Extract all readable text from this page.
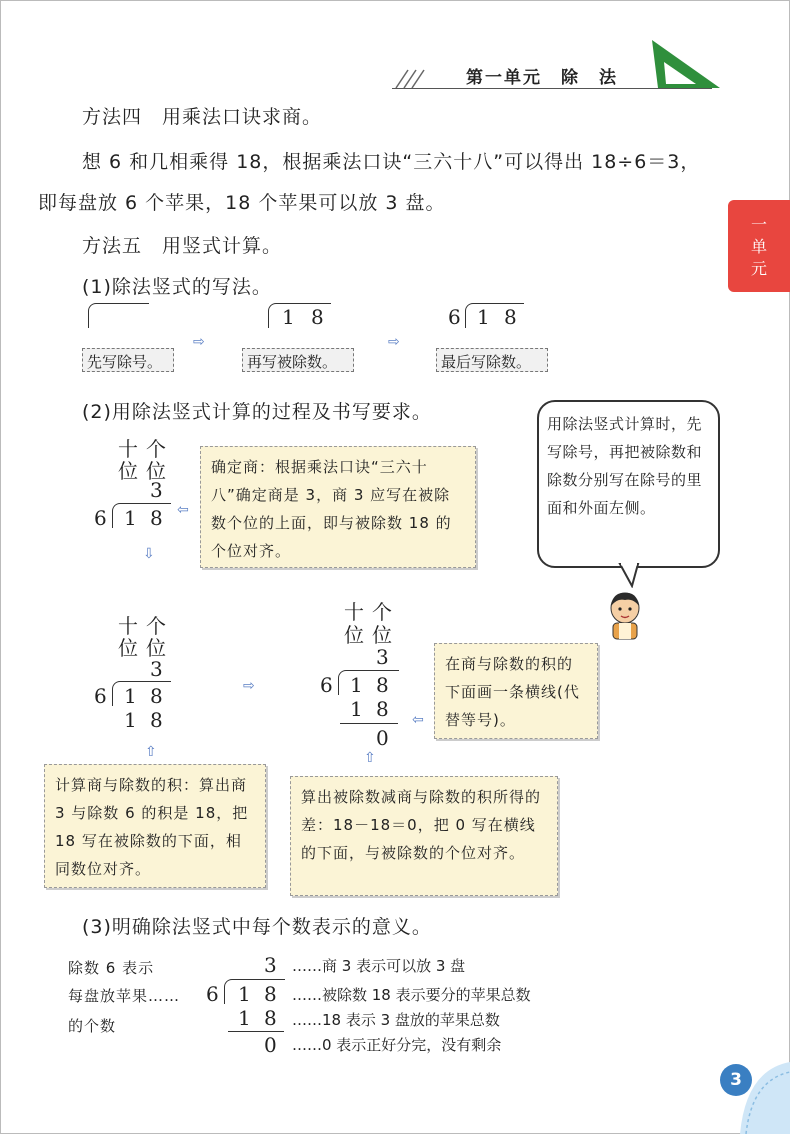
第一单元　除　法
一
单
元
方法四　用乘法口诀求商。
想 6 和几相乘得 18，根据乘法口诀“三六十八”可以得出 18÷6＝3，
即每盘放 6 个苹果，18 个苹果可以放 3 盘。
方法五　用竖式计算。
(1)除法竖式的写法。
1 8	6 1 8
⇨	⇨
先写除号。	再写被除数。	最后写除数。
(2)用除法竖式计算的过程及书写要求。
十 个
位 位
3
6 1 8 ⇦
确定商：根据乘法口诀“三六十八”确定商是 3，商 3 应写在被除数个位的上面，即与被除数 18 的个位对齐。
⇩
用除法竖式计算时，先写除号，再把被除数和除数分别写在除号的里面和外面左侧。
十 个
位 位
3
6 1 8
1 8
⇨
⇧
十 个
位 位
3
6 1 8
1 8
0
⇦
在商与除数的积的下面画一条横线(代替等号)。
⇧
计算商与除数的积：算出商 3 与除数 6 的积是 18，把 18 写在被除数的下面，相同数位对齐。
算出被除数减商与除数的积所得的差：18－18＝0，把 0 写在横线的下面，与被除数的个位对齐。
(3)明确除法竖式中每个数表示的意义。
除数 6 表示
每盘放苹果……
的个数
3
6 1 8
1 8
0
……商 3 表示可以放 3 盘
……被除数 18 表示要分的苹果总数
……18 表示 3 盘放的苹果总数
……0 表示正好分完，没有剩余
3
